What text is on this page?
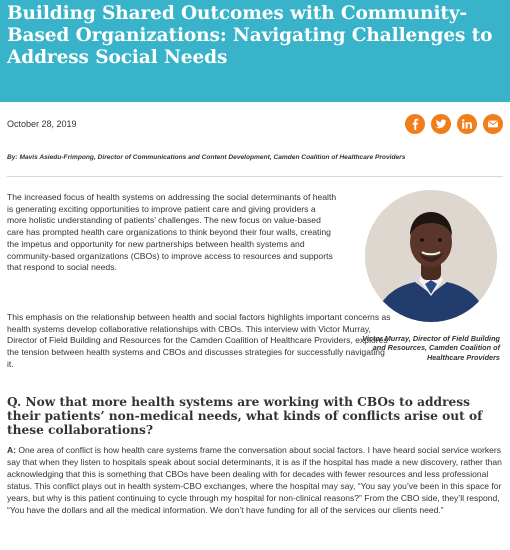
Building Shared Outcomes with Community-Based Organizations: Navigating Challenges to Address Social Needs
October 28, 2019

By: Mavis Asiedu-Frimpong, Director of Communications and Content Development, Camden Coalition of Healthcare Providers

The increased focus of health systems on addressing the social determinants of health is generating exciting opportunities to improve patient care and giving providers a more holistic understanding of patients’ challenges. The new focus on value-based care has prompted health care organizations to think beyond their four walls, creating the impetus and opportunity for new partnerships between health systems and community-based organizations (CBOs) to improve access to resources and supports that respond to social needs.

This emphasis on the relationship between health and social factors highlights important concerns as health systems develop collaborative relationships with CBOs. This interview with Victor Murray, Director of Field Building and Resources for the Camden Coalition of Healthcare Providers, explores the tension between health systems and CBOs and discusses strategies for successfully navigating it.

Victor Murray, Director of Field Building and Resources, Camden Coalition of Healthcare Providers

Q. Now that more health systems are working with CBOs to address their patients’ non-medical needs, what kinds of conflicts arise out of these collaborations?

A: One area of conflict is how health care systems frame the conversation about social factors. I have heard social service workers say that when they listen to hospitals speak about social determinants, it is as if the hospital has made a new discovery, rather than acknowledging that this is something that CBOs have been dealing with for decades with fewer resources and less professional status. This conflict plays out in health system-CBO exchanges, where the hospital may say, “You say you’ve been in this space for years, but why is this patient continuing to cycle through my hospital for non-clinical reasons?” From the CBO side, they’ll respond, “You have the dollars and all the medical information. We don’t have funding for all of the services our clients need.”
